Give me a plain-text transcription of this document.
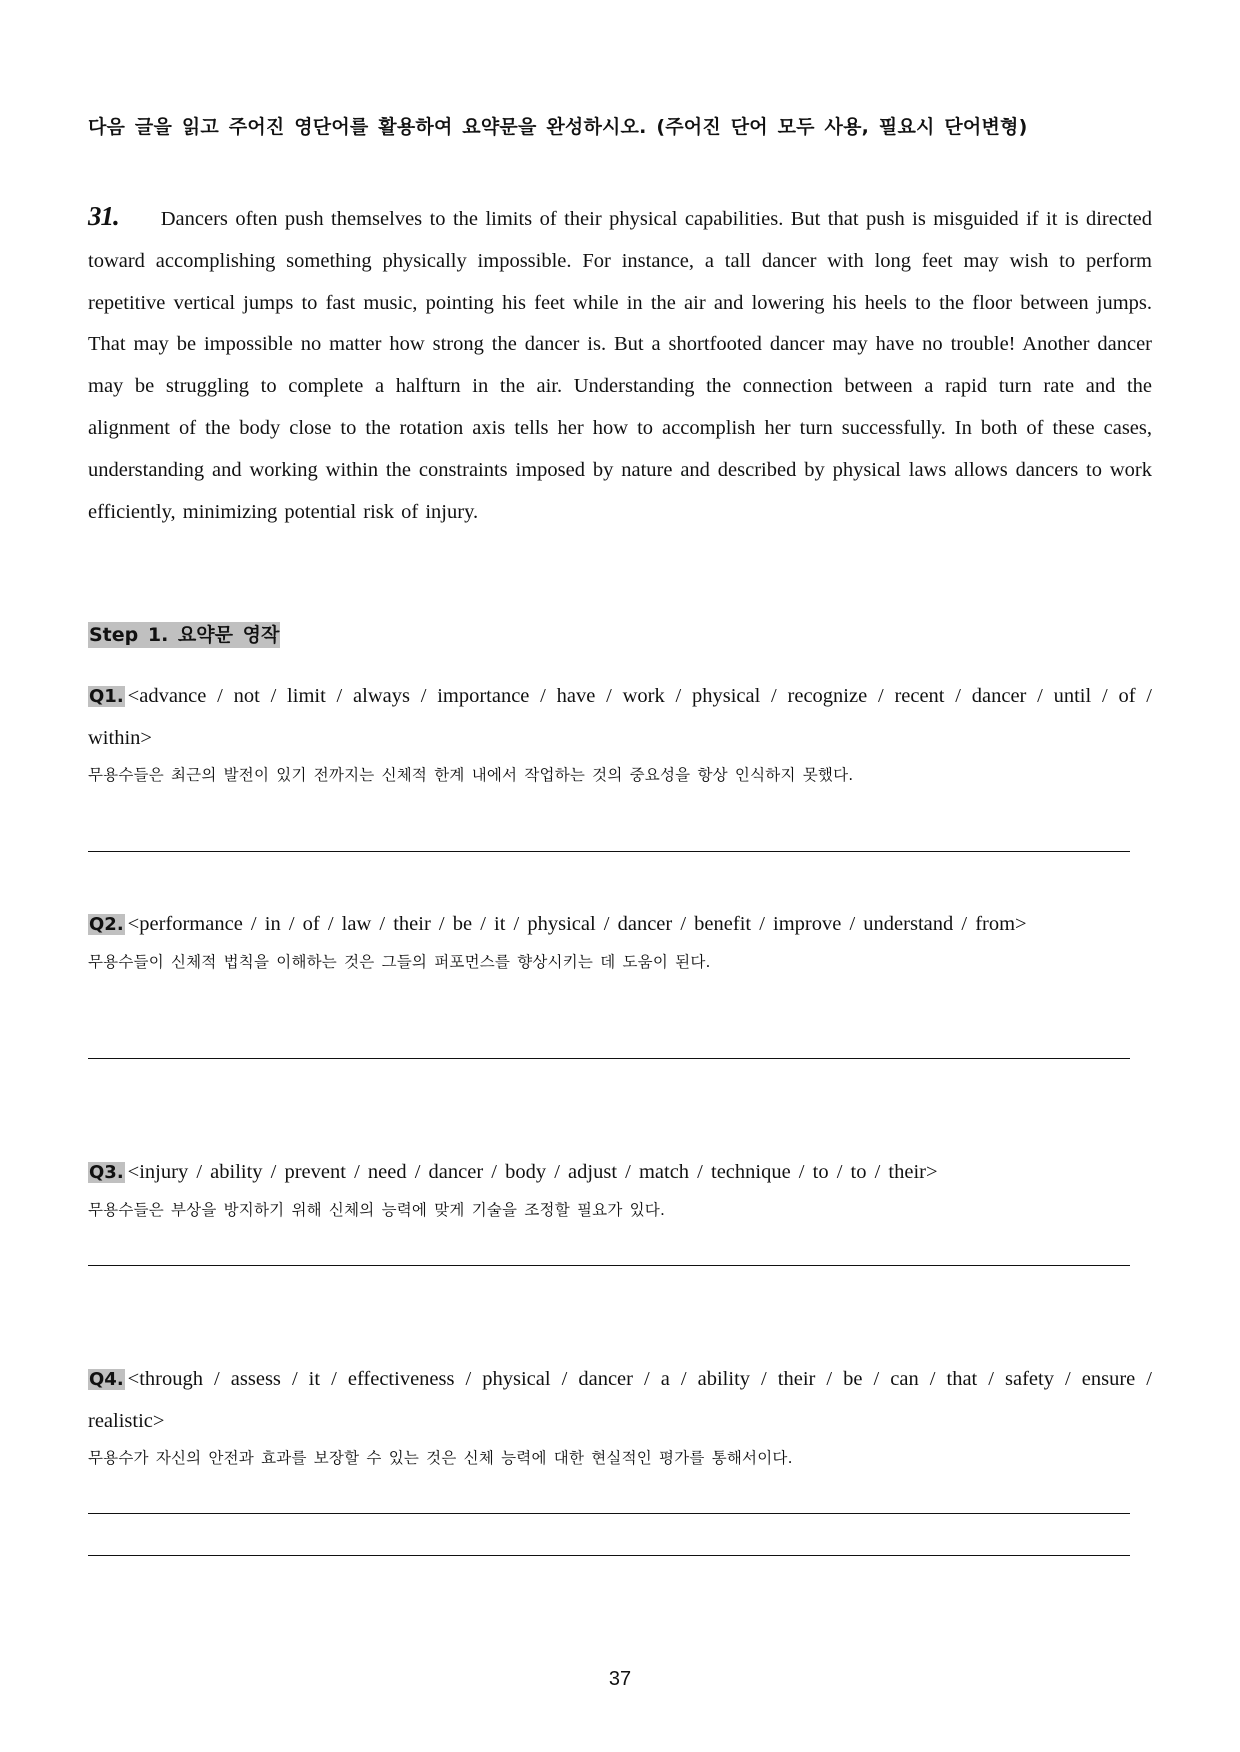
다음 글을 읽고 주어진 영단어를 활용하여 요약문을 완성하시오. (주어진 단어 모두 사용, 필요시 단어변형)
31. Dancers often push themselves to the limits of their physical capabilities. But that push is misguided if it is directed toward accomplishing something physically impossible. For instance, a tall dancer with long feet may wish to perform repetitive vertical jumps to fast music, pointing his feet while in the air and lowering his heels to the floor between jumps. That may be impossible no matter how strong the dancer is. But a shortfooted dancer may have no trouble! Another dancer may be struggling to complete a halfturn in the air. Understanding the connection between a rapid turn rate and the alignment of the body close to the rotation axis tells her how to accomplish her turn successfully. In both of these cases, understanding and working within the constraints imposed by nature and described by physical laws allows dancers to work efficiently, minimizing potential risk of injury.
Step 1. 요약문 영작
Q1. <advance / not / limit / always / importance / have / work / physical / recognize / recent / dancer / until / of / within>
무용수들은 최근의 발전이 있기 전까지는 신체적 한계 내에서 작업하는 것의 중요성을 항상 인식하지 못했다.
Q2. <performance / in / of / law / their / be / it / physical / dancer / benefit / improve / understand / from>
무용수들이 신체적 법칙을 이해하는 것은 그들의 퍼포먼스를 향상시키는 데 도움이 된다.
Q3. <injury / ability / prevent / need / dancer / body / adjust / match / technique / to / to / their>
무용수들은 부상을 방지하기 위해 신체의 능력에 맞게 기술을 조정할 필요가 있다.
Q4. <through / assess / it / effectiveness / physical / dancer / a / ability / their / be / can / that / safety / ensure / realistic>
무용수가 자신의 안전과 효과를 보장할 수 있는 것은 신체 능력에 대한 현실적인 평가를 통해서이다.
37
